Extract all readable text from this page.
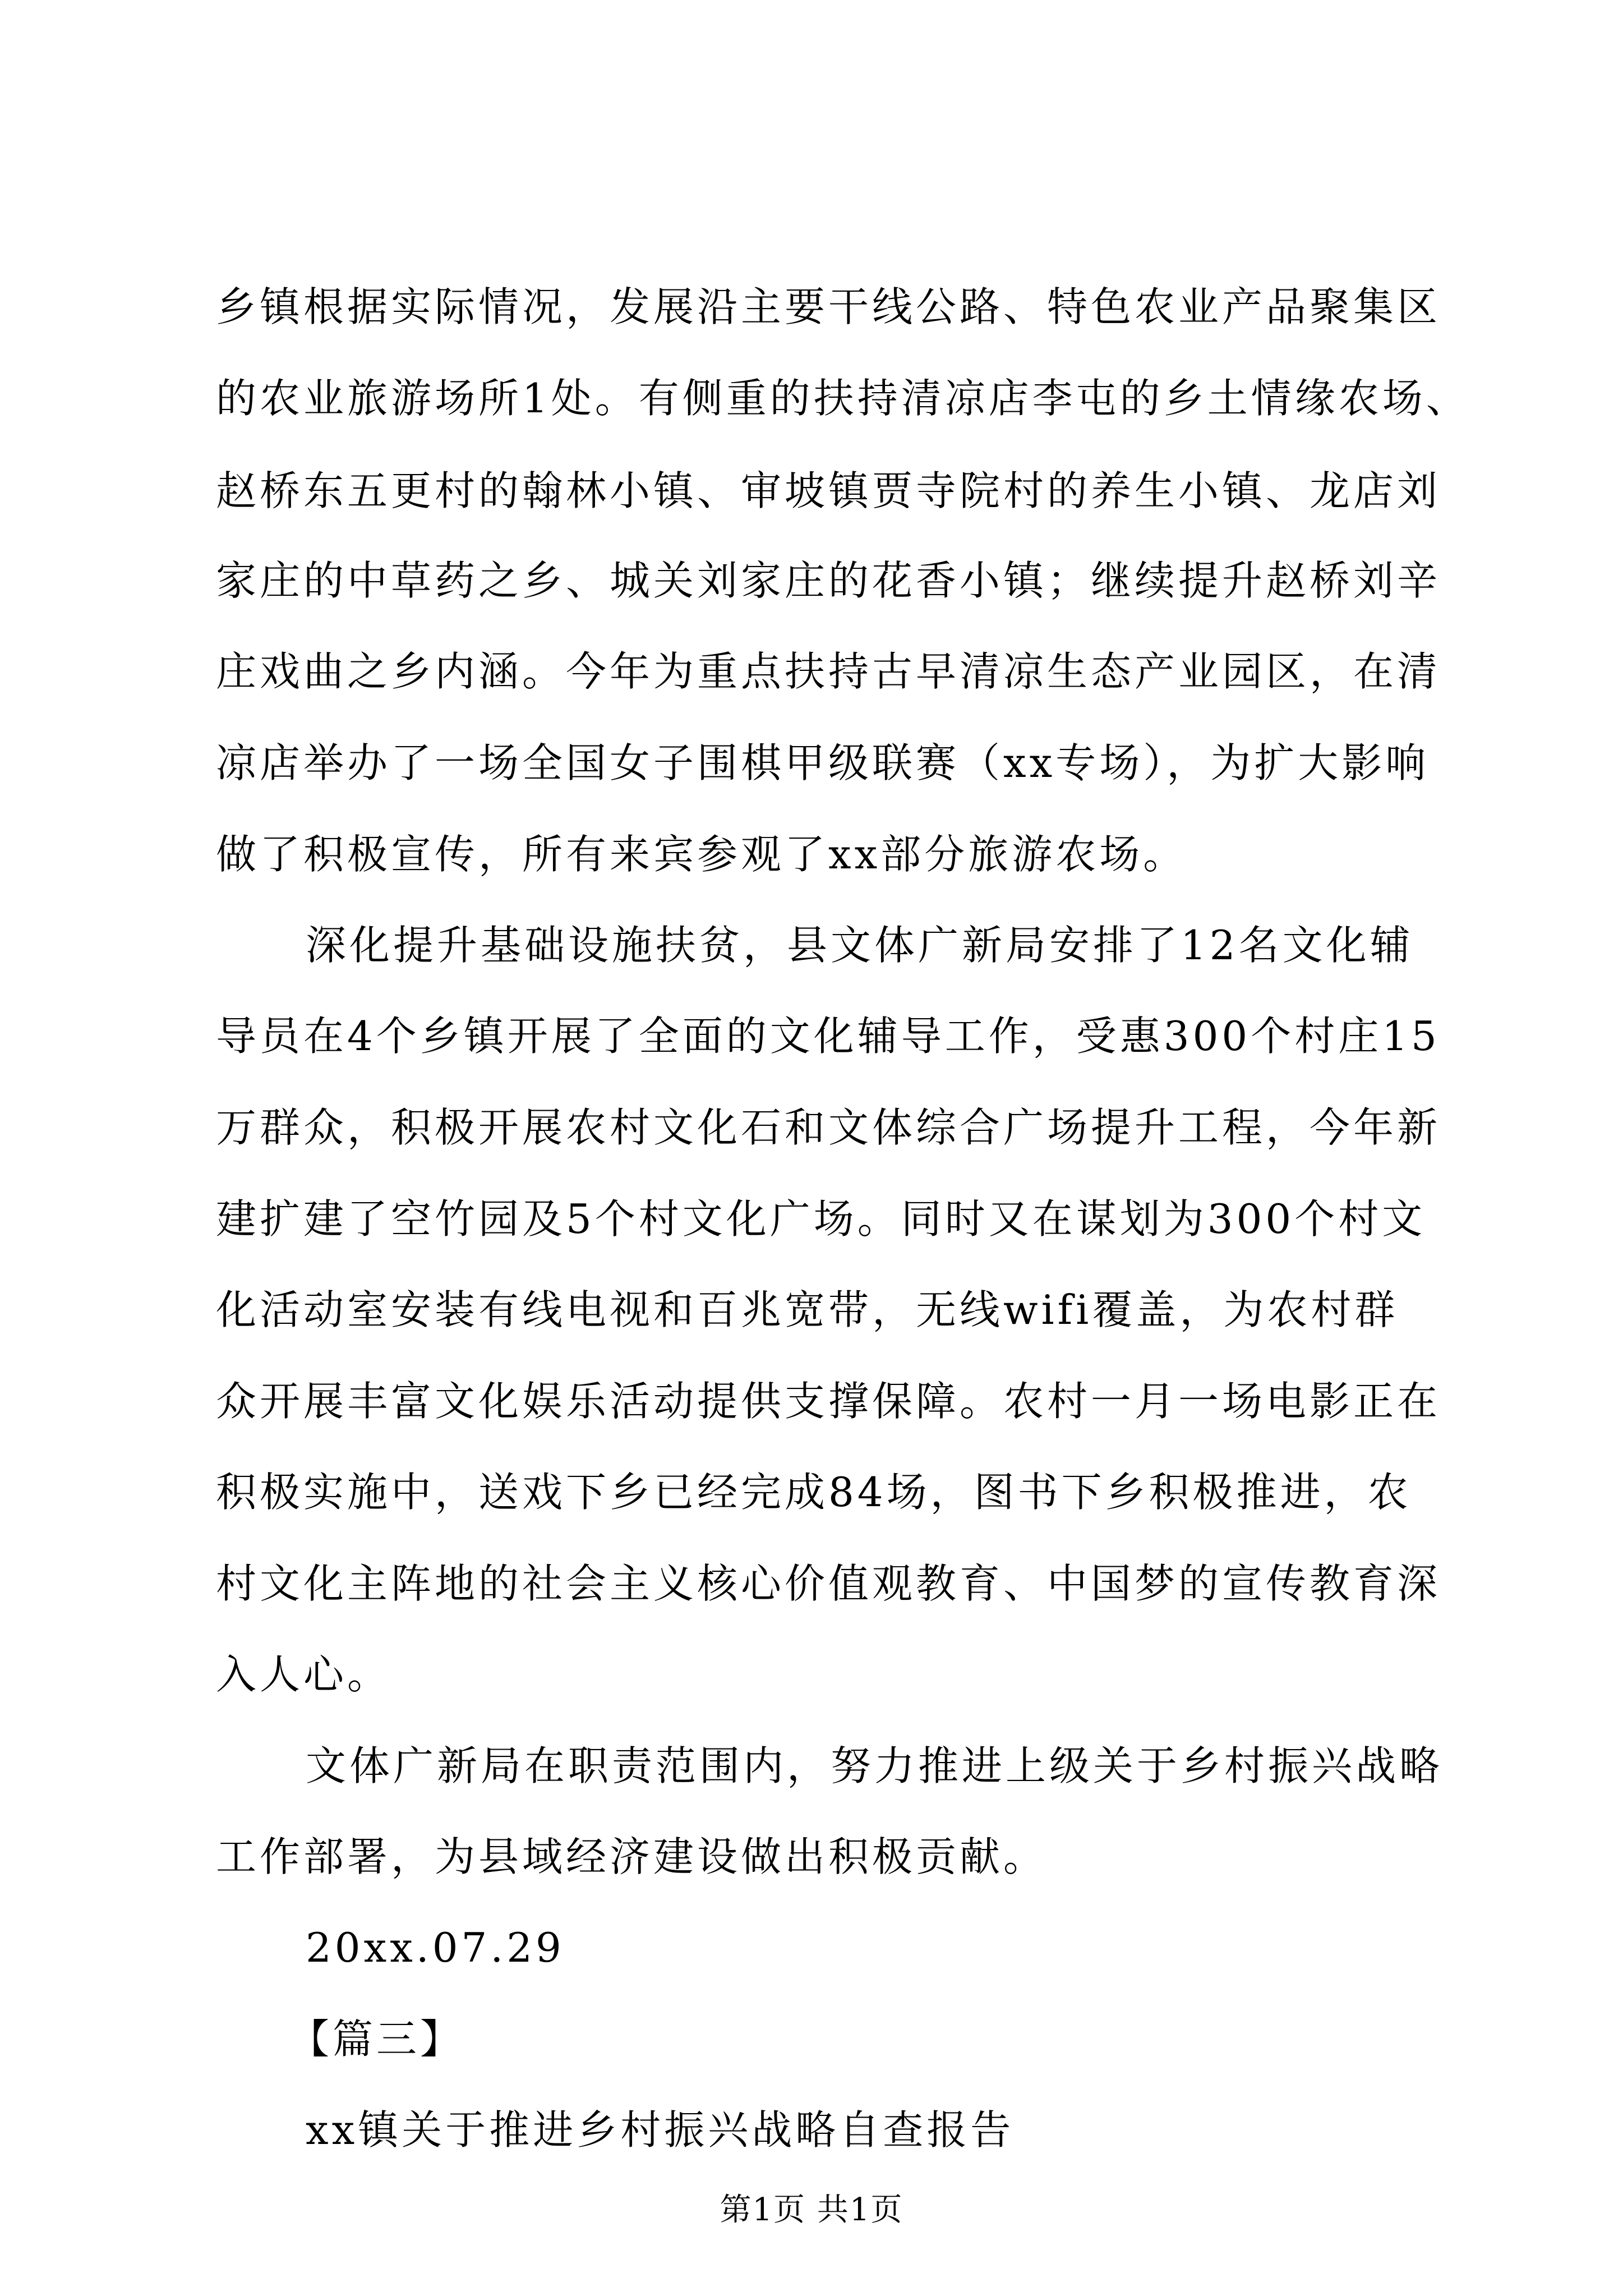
乡镇根据实际情况，发展沿主要干线公路、特色农业产品聚集区
的农业旅游场所1处。有侧重的扶持清凉店李屯的乡土情缘农场、
赵桥东五更村的翰林小镇、审坡镇贾寺院村的养生小镇、龙店刘
家庄的中草药之乡、城关刘家庄的花香小镇；继续提升赵桥刘辛
庄戏曲之乡内涵。今年为重点扶持古早清凉生态产业园区，在清
凉店举办了一场全国女子围棋甲级联赛（xx专场），为扩大影响
做了积极宣传，所有来宾参观了xx部分旅游农场。
深化提升基础设施扶贫，县文体广新局安排了12名文化辅
导员在4个乡镇开展了全面的文化辅导工作，受惠300个村庄15
万群众，积极开展农村文化石和文体综合广场提升工程，今年新
建扩建了空竹园及5个村文化广场。同时又在谋划为300个村文
化活动室安装有线电视和百兆宽带，无线wifi覆盖，为农村群
众开展丰富文化娱乐活动提供支撑保障。农村一月一场电影正在
积极实施中，送戏下乡已经完成84场，图书下乡积极推进，农
村文化主阵地的社会主义核心价值观教育、中国梦的宣传教育深
入人心。
文体广新局在职责范围内，努力推进上级关于乡村振兴战略
工作部署，为县域经济建设做出积极贡献。
20xx.07.29
【篇三】
xx镇关于推进乡村振兴战略自查报告
第1页 共1页
